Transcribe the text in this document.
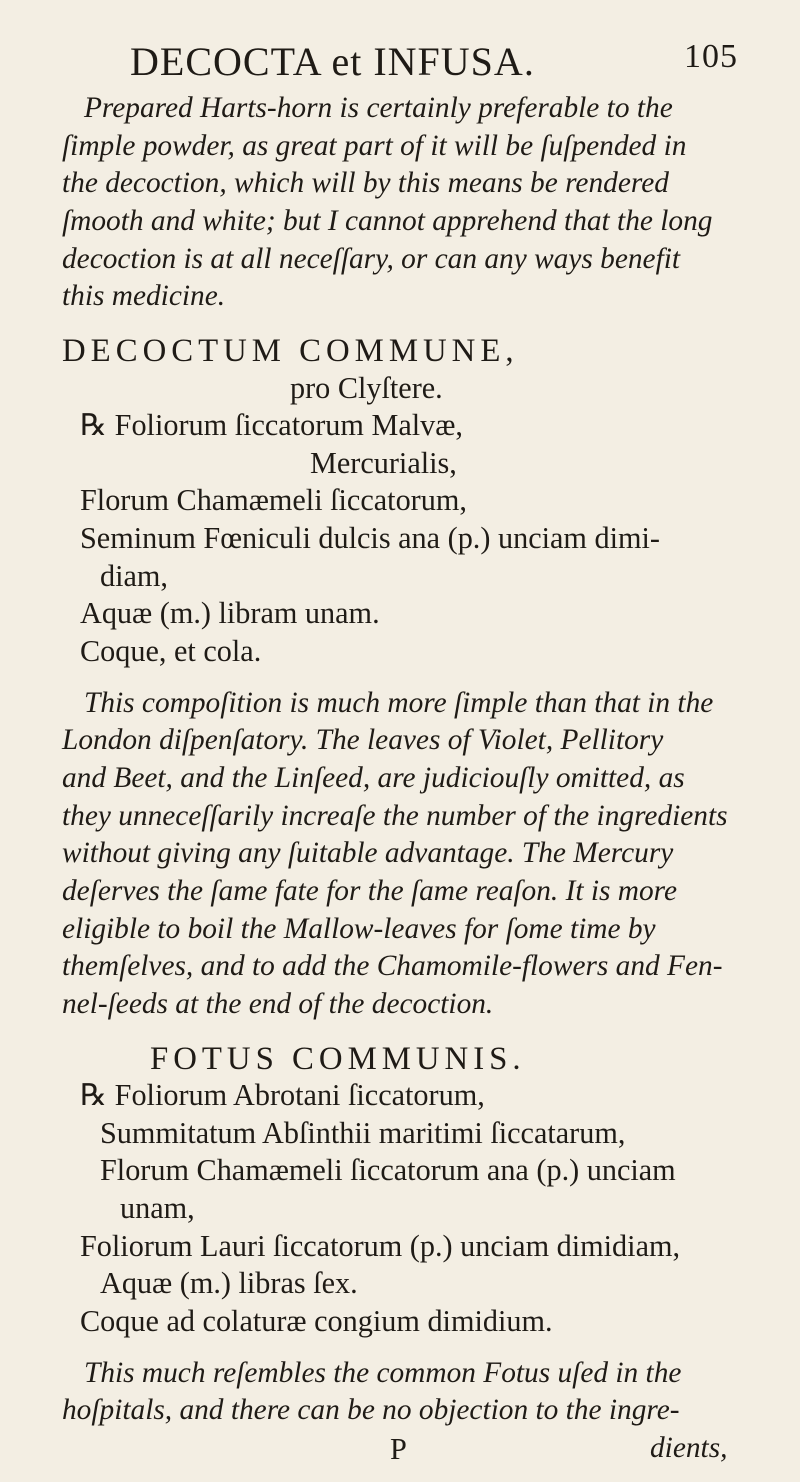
DECOCTA et INFUSA.	105
Prepared Harts-horn is certainly preferable to the
ſimple powder, as great part of it will be ſuſpended in
the decoction, which will by this means be rendered
ſmooth and white; but I cannot apprehend that the long
decoction is at all neceſſary, or can any ways benefit
this medicine.
DECOCTUM COMMUNE,
pro Clyſtere.
℞ Foliorum ſiccatorum Malvæ,
Mercurialis,
Florum Chamæmeli ſiccatorum,
Seminum Fœniculi dulcis ana (p.) unciam dimi-
diam,
Aquæ (m.) libram unam.
Coque, et cola.
This compoſition is much more ſimple than that in the
London diſpenſatory. The leaves of Violet, Pellitory
and Beet, and the Linſeed, are judiciouſly omitted, as
they unneceſſarily increaſe the number of the ingredients
without giving any ſuitable advantage. The Mercury
deſerves the ſame fate for the ſame reaſon. It is more
eligible to boil the Mallow-leaves for ſome time by
themſelves, and to add the Chamomile-flowers and Fen-
nel-ſeeds at the end of the decoction.
FOTUS COMMUNIS.
℞ Foliorum Abrotani ſiccatorum,
Summitatum Abſinthii maritimi ſiccatarum,
Florum Chamæmeli ſiccatorum ana (p.) unciam
unam,
Foliorum Lauri ſiccatorum (p.) unciam dimidiam,
Aquæ (m.) libras ſex.
Coque ad colaturæ congium dimidium.
This much reſembles the common Fotus uſed in the
hoſpitals, and there can be no objection to the ingre-
P	dients,
